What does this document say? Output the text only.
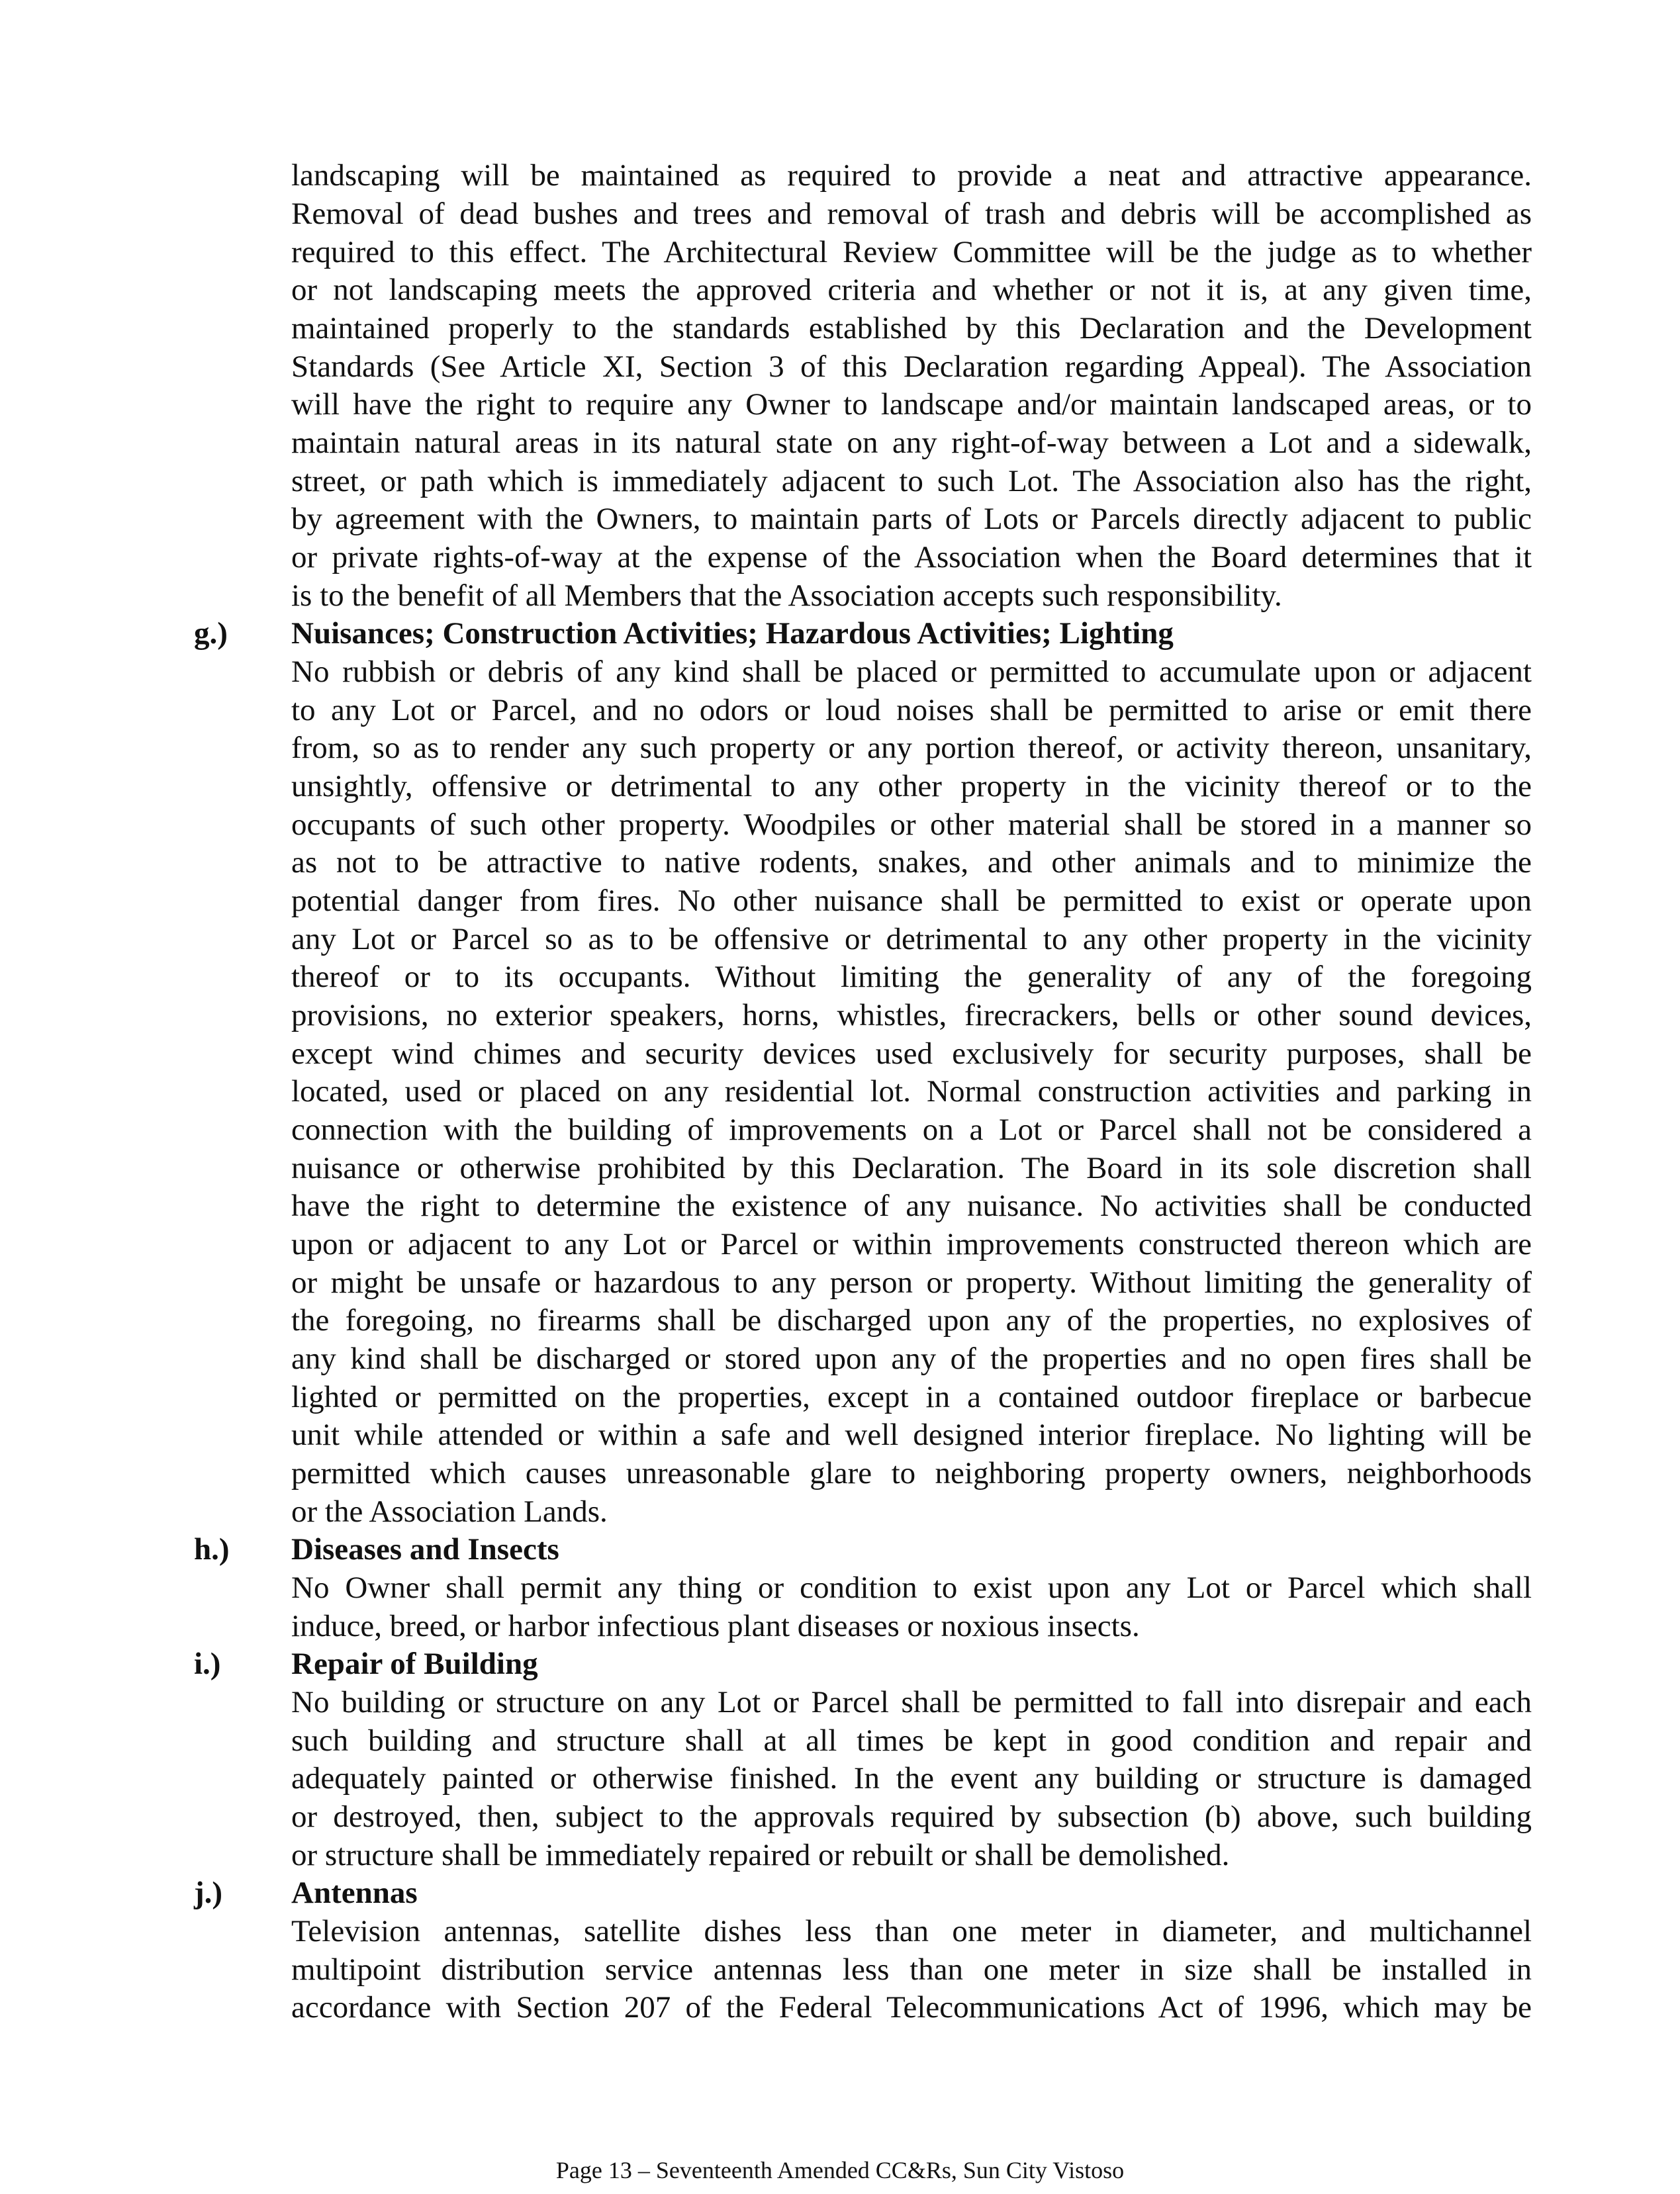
landscaping will be maintained as required to provide a neat and attractive appearance.
Removal of dead bushes and trees and removal of trash and debris will be accomplished as
required to this effect. The Architectural Review Committee will be the judge as to whether
or not landscaping meets the approved criteria and whether or not it is, at any given time,
maintained properly to the standards established by this Declaration and the Development
Standards (See Article XI, Section 3 of this Declaration regarding Appeal). The Association
will have the right to require any Owner to landscape and/or maintain landscaped areas, or to
maintain natural areas in its natural state on any right-of-way between a Lot and a sidewalk,
street, or path which is immediately adjacent to such Lot. The Association also has the right,
by agreement with the Owners, to maintain parts of Lots or Parcels directly adjacent to public
or private rights-of-way at the expense of the Association when the Board determines that it
is to the benefit of all Members that the Association accepts such responsibility.
g.) Nuisances; Construction Activities; Hazardous Activities; Lighting
No rubbish or debris of any kind shall be placed or permitted to accumulate upon or adjacent
to any Lot or Parcel, and no odors or loud noises shall be permitted to arise or emit there
from, so as to render any such property or any portion thereof, or activity thereon, unsanitary,
unsightly, offensive or detrimental to any other property in the vicinity thereof or to the
occupants of such other property. Woodpiles or other material shall be stored in a manner so
as not to be attractive to native rodents, snakes, and other animals and to minimize the
potential danger from fires. No other nuisance shall be permitted to exist or operate upon
any Lot or Parcel so as to be offensive or detrimental to any other property in the vicinity
thereof or to its occupants. Without limiting the generality of any of the foregoing
provisions, no exterior speakers, horns, whistles, firecrackers, bells or other sound devices,
except wind chimes and security devices used exclusively for security purposes, shall be
located, used or placed on any residential lot. Normal construction activities and parking in
connection with the building of improvements on a Lot or Parcel shall not be considered a
nuisance or otherwise prohibited by this Declaration. The Board in its sole discretion shall
have the right to determine the existence of any nuisance. No activities shall be conducted
upon or adjacent to any Lot or Parcel or within improvements constructed thereon which are
or might be unsafe or hazardous to any person or property. Without limiting the generality of
the foregoing, no firearms shall be discharged upon any of the properties, no explosives of
any kind shall be discharged or stored upon any of the properties and no open fires shall be
lighted or permitted on the properties, except in a contained outdoor fireplace or barbecue
unit while attended or within a safe and well designed interior fireplace. No lighting will be
permitted which causes unreasonable glare to neighboring property owners, neighborhoods
or the Association Lands.
h.) Diseases and Insects
No Owner shall permit any thing or condition to exist upon any Lot or Parcel which shall
induce, breed, or harbor infectious plant diseases or noxious insects.
i.) Repair of Building
No building or structure on any Lot or Parcel shall be permitted to fall into disrepair and each
such building and structure shall at all times be kept in good condition and repair and
adequately painted or otherwise finished. In the event any building or structure is damaged
or destroyed, then, subject to the approvals required by subsection (b) above, such building
or structure shall be immediately repaired or rebuilt or shall be demolished.
j.) Antennas
Television antennas, satellite dishes less than one meter in diameter, and multichannel
multipoint distribution service antennas less than one meter in size shall be installed in
accordance with Section 207 of the Federal Telecommunications Act of 1996, which may be
Page 13 – Seventeenth Amended CC&Rs, Sun City Vistoso
